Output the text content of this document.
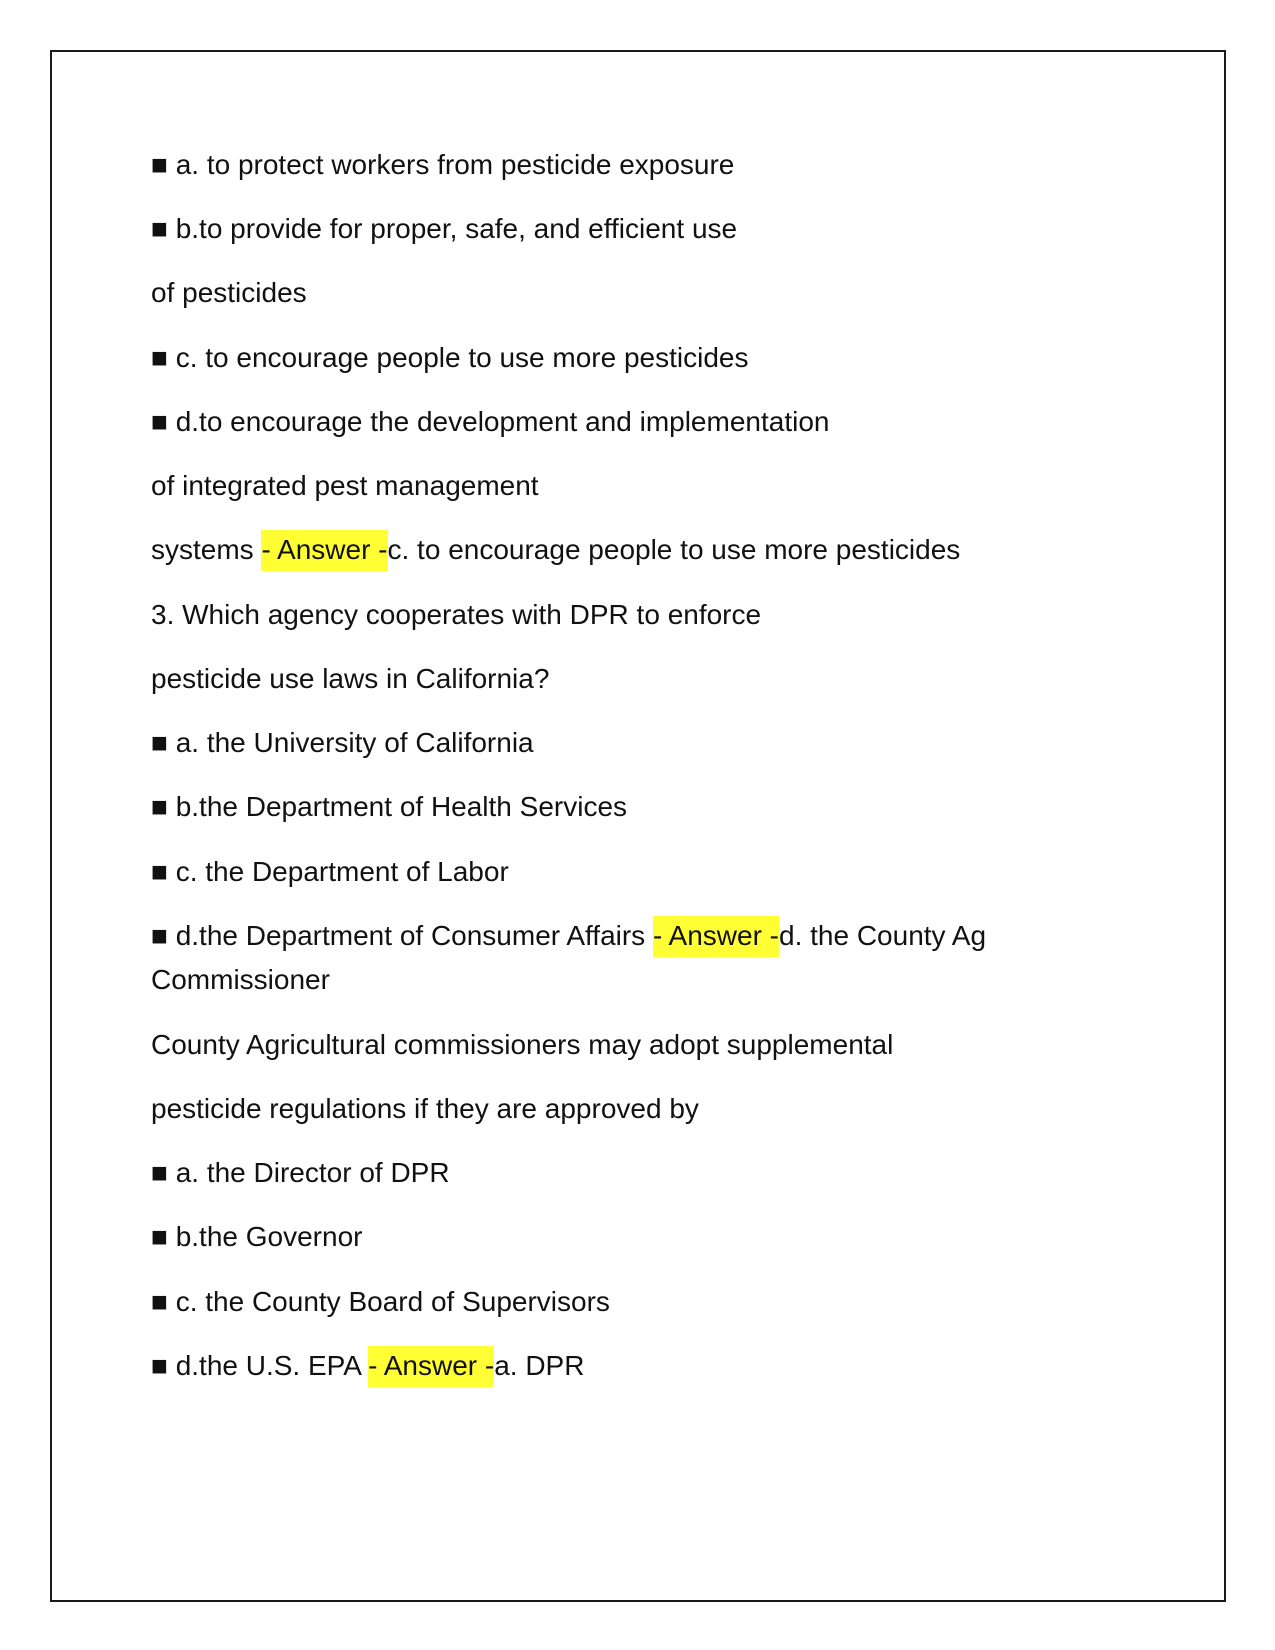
■ a. to protect workers from pesticide exposure
■ b.to provide for proper, safe, and efficient use
of pesticides
■ c. to encourage people to use more pesticides
■ d.to encourage the development and implementation
of integrated pest management
systems - Answer -c. to encourage people to use more pesticides
3. Which agency cooperates with DPR to enforce
pesticide use laws in California?
■ a. the University of California
■ b.the Department of Health Services
■ c. the Department of Labor
■ d.the Department of Consumer Affairs - Answer -d. the County Ag
Commissioner
County Agricultural commissioners may adopt supplemental
pesticide regulations if they are approved by
■ a. the Director of DPR
■ b.the Governor
■ c. the County Board of Supervisors
■ d.the U.S. EPA - Answer -a. DPR
